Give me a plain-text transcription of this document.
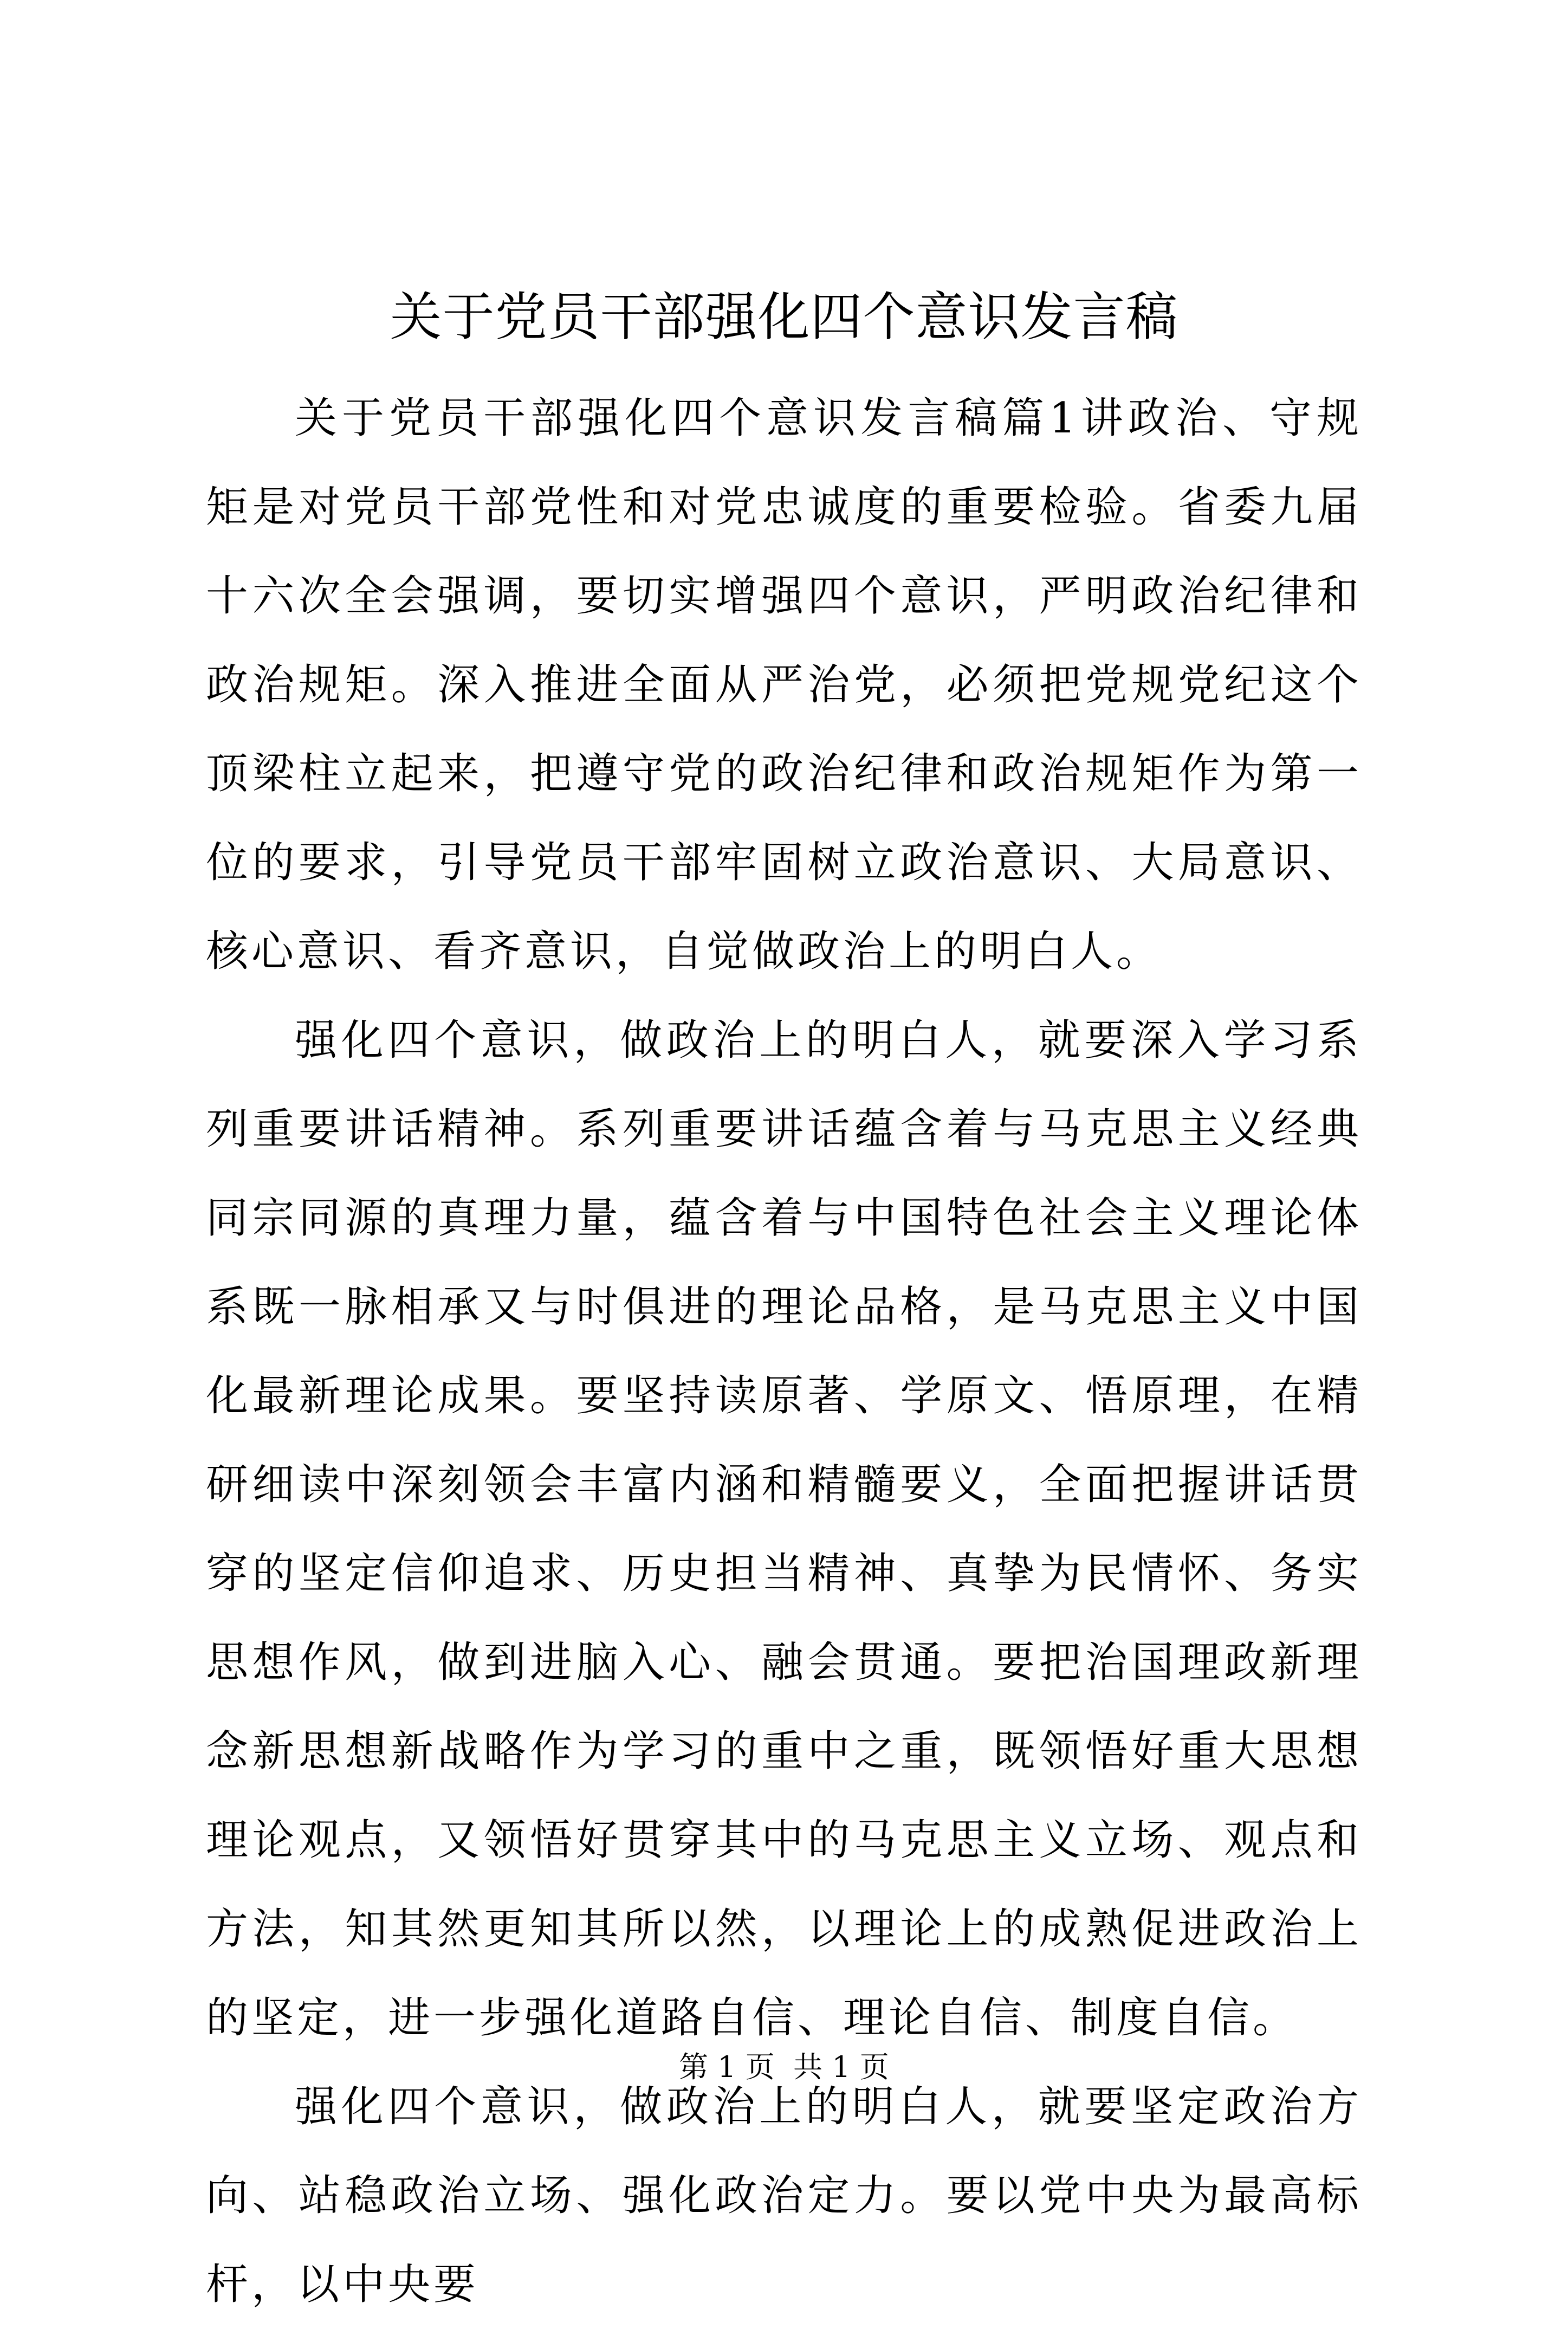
关于党员干部强化四个意识发言稿

关于党员干部强化四个意识发言稿篇1讲政治、守规矩是对党员干部党性和对党忠诚度的重要检验。省委九届十六次全会强调，要切实增强四个意识，严明政治纪律和政治规矩。深入推进全面从严治党，必须把党规党纪这个顶梁柱立起来，把遵守党的政治纪律和政治规矩作为第一位的要求，引导党员干部牢固树立政治意识、大局意识、核心意识、看齐意识，自觉做政治上的明白人。

强化四个意识，做政治上的明白人，就要深入学习系列重要讲话精神。系列重要讲话蕴含着与马克思主义经典同宗同源的真理力量，蕴含着与中国特色社会主义理论体系既一脉相承又与时俱进的理论品格，是马克思主义中国化最新理论成果。要坚持读原著、学原文、悟原理，在精研细读中深刻领会丰富内涵和精髓要义，全面把握讲话贯穿的坚定信仰追求、历史担当精神、真挚为民情怀、务实思想作风，做到进脑入心、融会贯通。要把治国理政新理念新思想新战略作为学习的重中之重，既领悟好重大思想理论观点，又领悟好贯穿其中的马克思主义立场、观点和方法，知其然更知其所以然，以理论上的成熟促进政治上的坚定，进一步强化道路自信、理论自信、制度自信。

强化四个意识，做政治上的明白人，就要坚定政治方向、站稳政治立场、强化政治定力。要以党中央为最高标杆，以中央要

第 1 页  共 1 页
